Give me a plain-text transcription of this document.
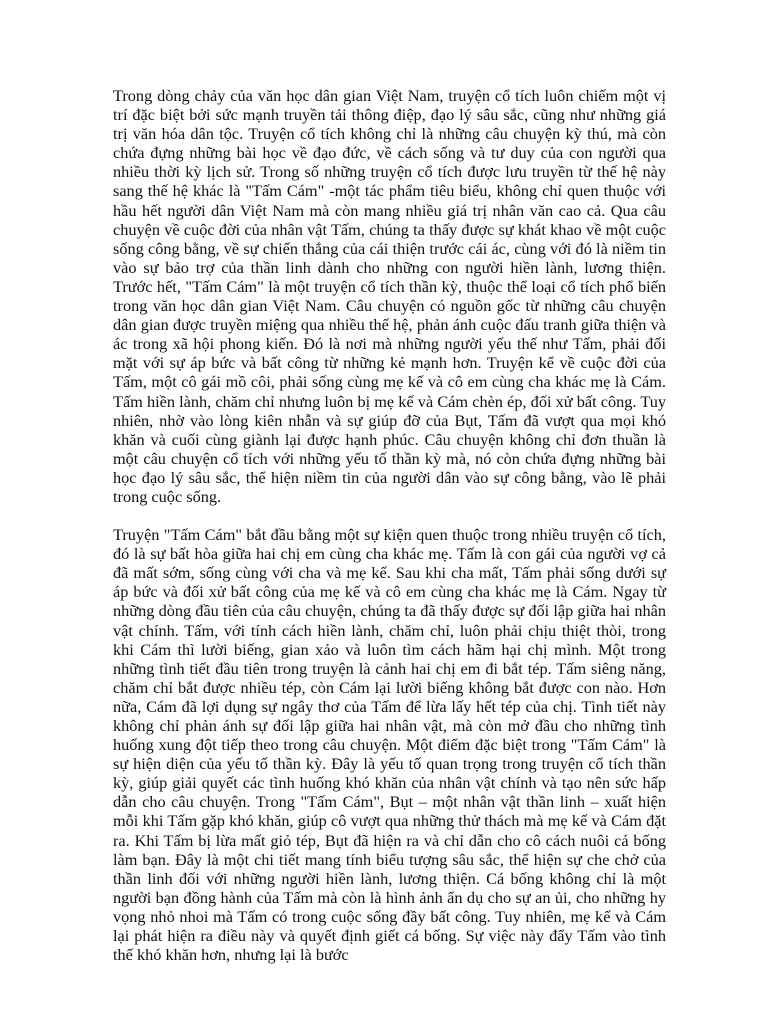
Trong dòng chảy của văn học dân gian Việt Nam, truyện cổ tích luôn chiếm một vị trí đặc biệt bởi sức mạnh truyền tải thông điệp, đạo lý sâu sắc, cũng như những giá trị văn hóa dân tộc. Truyện cổ tích không chỉ là những câu chuyện kỳ thú, mà còn chứa đựng những bài học về đạo đức, về cách sống và tư duy của con người qua nhiều thời kỳ lịch sử. Trong số những truyện cổ tích được lưu truyền từ thế hệ này sang thế hệ khác là "Tấm Cám" -một tác phẩm tiêu biểu, không chỉ quen thuộc với hầu hết người dân Việt Nam mà còn mang nhiều giá trị nhân văn cao cả. Qua câu chuyện về cuộc đời của nhân vật Tấm, chúng ta thấy được sự khát khao về một cuộc sống công bằng, về sự chiến thắng của cái thiện trước cái ác, cùng với đó là niềm tin vào sự bảo trợ của thần linh dành cho những con người hiền lành, lương thiện. Trước hết, "Tấm Cám" là một truyện cổ tích thần kỳ, thuộc thể loại cổ tích phổ biến trong văn học dân gian Việt Nam. Câu chuyện có nguồn gốc từ những câu chuyện dân gian được truyền miệng qua nhiều thế hệ, phản ánh cuộc đấu tranh giữa thiện và ác trong xã hội phong kiến. Đó là nơi mà những người yếu thế như Tấm, phải đối mặt với sự áp bức và bất công từ những kẻ mạnh hơn. Truyện kể về cuộc đời của Tấm, một cô gái mồ côi, phải sống cùng mẹ kế và cô em cùng cha khác mẹ là Cám. Tấm hiền lành, chăm chỉ nhưng luôn bị mẹ kế và Cám chèn ép, đối xử bất công. Tuy nhiên, nhờ vào lòng kiên nhẫn và sự giúp đỡ của Bụt, Tấm đã vượt qua mọi khó khăn và cuối cùng giành lại được hạnh phúc. Câu chuyện không chỉ đơn thuần là một câu chuyện cổ tích với những yếu tố thần kỳ mà, nó còn chứa đựng những bài học đạo lý sâu sắc, thể hiện niềm tin của người dân vào sự công bằng, vào lẽ phải trong cuộc sống.

Truyện "Tấm Cám" bắt đầu bằng một sự kiện quen thuộc trong nhiều truyện cổ tích, đó là sự bất hòa giữa hai chị em cùng cha khác mẹ. Tấm là con gái của người vợ cả đã mất sớm, sống cùng với cha và mẹ kế. Sau khi cha mất, Tấm phải sống dưới sự áp bức và đối xử bất công của mẹ kế và cô em cùng cha khác mẹ là Cám. Ngay từ những dòng đầu tiên của câu chuyện, chúng ta đã thấy được sự đối lập giữa hai nhân vật chính. Tấm, với tính cách hiền lành, chăm chỉ, luôn phải chịu thiệt thòi, trong khi Cám thì lười biếng, gian xảo và luôn tìm cách hãm hại chị mình. Một trong những tình tiết đầu tiên trong truyện là cảnh hai chị em đi bắt tép. Tấm siêng năng, chăm chỉ bắt được nhiều tép, còn Cám lại lười biếng không bắt được con nào. Hơn nữa, Cám đã lợi dụng sự ngây thơ của Tấm để lừa lấy hết tép của chị. Tình tiết này không chỉ phản ánh sự đối lập giữa hai nhân vật, mà còn mở đầu cho những tình huống xung đột tiếp theo trong câu chuyện. Một điểm đặc biệt trong "Tấm Cám" là sự hiện diện của yếu tố thần kỳ. Đây là yếu tố quan trọng trong truyện cổ tích thần kỳ, giúp giải quyết các tình huống khó khăn của nhân vật chính và tạo nên sức hấp dẫn cho câu chuyện. Trong "Tấm Cám", Bụt – một nhân vật thần linh – xuất hiện mỗi khi Tấm gặp khó khăn, giúp cô vượt qua những thử thách mà mẹ kế và Cám đặt ra. Khi Tấm bị lừa mất giỏ tép, Bụt đã hiện ra và chỉ dẫn cho cô cách nuôi cá bống làm bạn. Đây là một chi tiết mang tính biểu tượng sâu sắc, thể hiện sự che chở của thần linh đối với những người hiền lành, lương thiện. Cá bống không chỉ là một người bạn đồng hành của Tấm mà còn là hình ảnh ẩn dụ cho sự an ủi, cho những hy vọng nhỏ nhoi mà Tấm có trong cuộc sống đầy bất công. Tuy nhiên, mẹ kế và Cám lại phát hiện ra điều này và quyết định giết cá bống. Sự việc này đẩy Tấm vào tình thế khó khăn hơn, nhưng lại là bước
